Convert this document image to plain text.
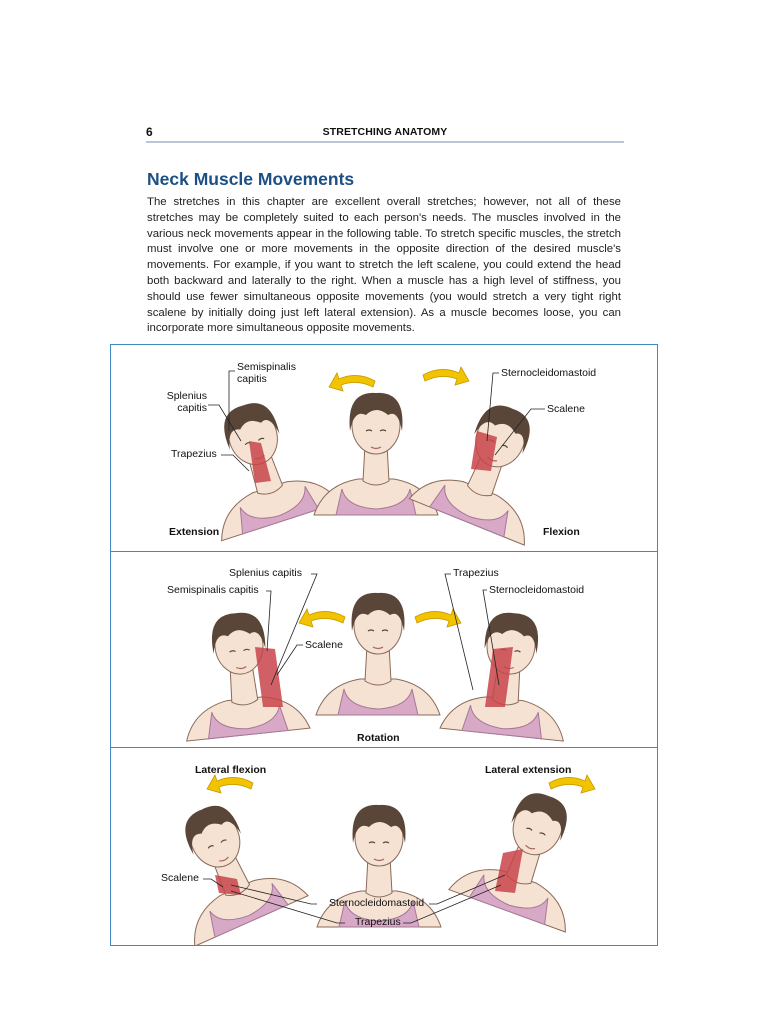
6	STRETCHING ANATOMY
Neck Muscle Movements
The stretches in this chapter are excellent overall stretches; however, not all of these stretches may be completely suited to each person's needs. The muscles involved in the various neck movements appear in the following table. To stretch specific muscles, the stretch must involve one or more movements in the opposite direction of the desired muscle's movements. For example, if you want to stretch the left scalene, you could extend the head both backward and laterally to the right. When a muscle has a high level of stiffness, you should use fewer simultaneous opposite movements (you would stretch a very tight right scalene by initially doing just left lateral extension). As a muscle becomes loose, you can incorporate more simultaneous opposite movements.
Semispinalis
capitis
Splenius
capitis
Trapezius
Sternocleidomastoid
Scalene
Extension	Flexion
Splenius capitis
Semispinalis capitis
Scalene
Trapezius
Sternocleidomastoid
Rotation
Lateral flexion	Lateral extension
Scalene
Sternocleidomastoid
Trapezius
